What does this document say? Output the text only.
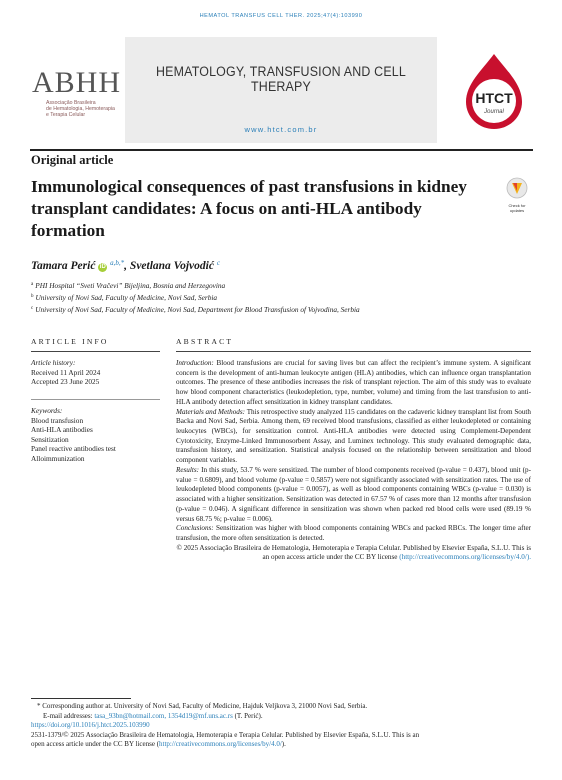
HEMATOL TRANSFUS CELL THER. 2025;47(4):103990
ABHH
Associação Brasileira
de Hematologia, Hemoterapia
e Terapia Celular
HEMATOLOGY, TRANSFUSION AND CELL THERAPY
www.htct.com.br
HTCT
Journal
Original article
Immunological consequences of past transfusions in kidney transplant candidates: A focus on anti-HLA antibody formation
Check for updates
Tamara Perić iD $^{a,b,*}$, Svetlana Vojvodić $^c$
$^a$ PHI Hospital “Sveti Vračevi” Bijeljina, Bosnia and Herzegovina
$^b$ University of Novi Sad, Faculty of Medicine, Novi Sad, Serbia
$^c$ University of Novi Sad, Faculty of Medicine, Novi Sad, Department for Blood Transfusion of Vojvodina, Serbia
ARTICLE INFO
Article history:
Received 11 April 2024
Accepted 23 June 2025
Keywords:
Blood transfusion
Anti-HLA antibodies
Sensitization
Panel reactive antibodies test
Alloimmunization
ABSTRACT

Introduction: Blood transfusions are crucial for saving lives but can affect the recipient’s immune system. A significant concern is the development of anti-human leukocyte antigen (HLA) antibodies, which can influence organ transplantation outcomes. The presence of these antibodies increases the risk of transplant rejection. The aim of this study was to evaluate how blood component characteristics (leukodepletion, type, number, volume) and timing from the last transfusion to anti-HLA antibody detection affect sensitization in kidney transplant candidates.

Materials and Methods: This retrospective study analyzed 115 candidates on the cadaveric kidney transplant list from South Backa and Novi Sad, Serbia. Among them, 69 received blood transfusions, classified as either leukodepleted or containing leukocytes (WBCs), for sensitization control. Anti-HLA antibodies were detected using Complement-Dependent Cytotoxicity, Enzyme-Linked Immunosorbent Assay, and Luminex technology. This study evaluated demographic data, transfusion history, and sensitization. Statistical analysis focused on the relationship between sensitization and blood component variables.

Results: In this study, 53.7 % were sensitized. The number of blood components received (p-value = 0.437), blood unit (p-value = 0.6809), and blood volume (p-value = 0.5857) were not significantly associated with sensitization rates. The use of leukodepleted blood components (p-value = 0.0057), as well as blood components containing WBCs (p-value = 0.030) is associated with a higher sensitization. Sensitization was detected in 67.57 % of cases more than 12 months after transfusion (p-value = 0.046). A significant difference in sensitization was shown when packed red blood cells were used (89.19 % versus 68.75 %; p-value = 0.006).

Conclusions: Sensitization was higher with blood components containing WBCs and packed RBCs. The longer time after transfusion, the more often sensitization is detected.

© 2025 Associação Brasileira de Hematologia, Hemoterapia e Terapia Celular. Published by Elsevier España, S.L.U. This is an open access article under the CC BY license (http://creativecommons.org/licenses/by/4.0/).

* Corresponding author at. University of Novi Sad, Faculty of Medicine, Hajduk Veljkova 3, 21000 Novi Sad, Serbia.
E-mail addresses: tasa_93bn@hotmail.com, 1354d19@mf.uns.ac.rs (T. Perić).
https://doi.org/10.1016/j.htct.2025.103990
2531-1379/© 2025 Associação Brasileira de Hematologia, Hemoterapia e Terapia Celular. Published by Elsevier España, S.L.U. This is an
open access article under the CC BY license (http://creativecommons.org/licenses/by/4.0/).
